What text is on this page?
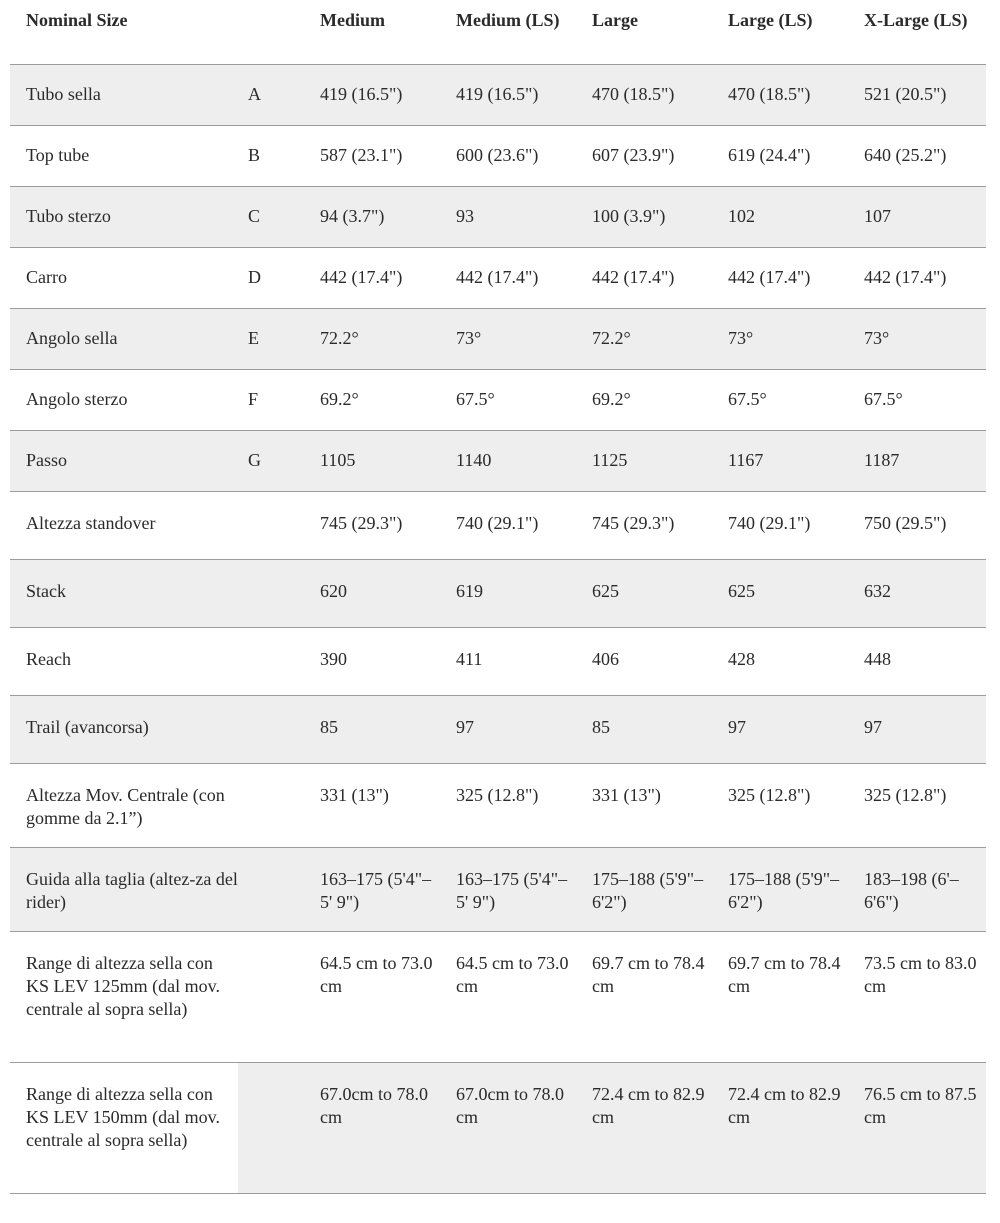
Nominal Size		Medium	Medium (LS)	Large	Large (LS)	X-Large (LS)
Tubo sella	A	419 (16.5")	419 (16.5")	470 (18.5")	470 (18.5")	521 (20.5")
Top tube	B	587 (23.1")	600 (23.6")	607 (23.9")	619 (24.4")	640 (25.2")
Tubo sterzo	C	94 (3.7")	93	100 (3.9")	102	107
Carro	D	442 (17.4")	442 (17.4")	442 (17.4")	442 (17.4")	442 (17.4")
Angolo sella	E	72.2°	73°	72.2°	73°	73°
Angolo sterzo	F	69.2°	67.5°	69.2°	67.5°	67.5°
Passo	G	1105	1140	1125	1167	1187
Altezza standover		745 (29.3")	740 (29.1")	745 (29.3")	740 (29.1")	750 (29.5")
Stack		620	619	625	625	632
Reach		390	411	406	428	448
Trail (avancorsa)		85	97	85	97	97
Altezza Mov. Centrale (con gomme da 2.1”)		331 (13")	325 (12.8")	331 (13")	325 (12.8")	325 (12.8")
Guida alla taglia (altez-za del rider)		163–175 (5'4"–5' 9")	163–175 (5'4"–5' 9")	175–188 (5'9"–6'2")	175–188 (5'9"–6'2")	183–198 (6'–6'6")
Range di altezza sella con KS LEV 125mm (dal mov. centrale al sopra sella)		64.5 cm to 73.0 cm	64.5 cm to 73.0 cm	69.7 cm to 78.4 cm	69.7 cm to 78.4 cm	73.5 cm to 83.0 cm
Range di altezza sella con KS LEV 150mm (dal mov. centrale al sopra sella)		67.0cm to 78.0 cm	67.0cm to 78.0 cm	72.4 cm to 82.9 cm	72.4 cm to 82.9 cm	76.5 cm to 87.5 cm
